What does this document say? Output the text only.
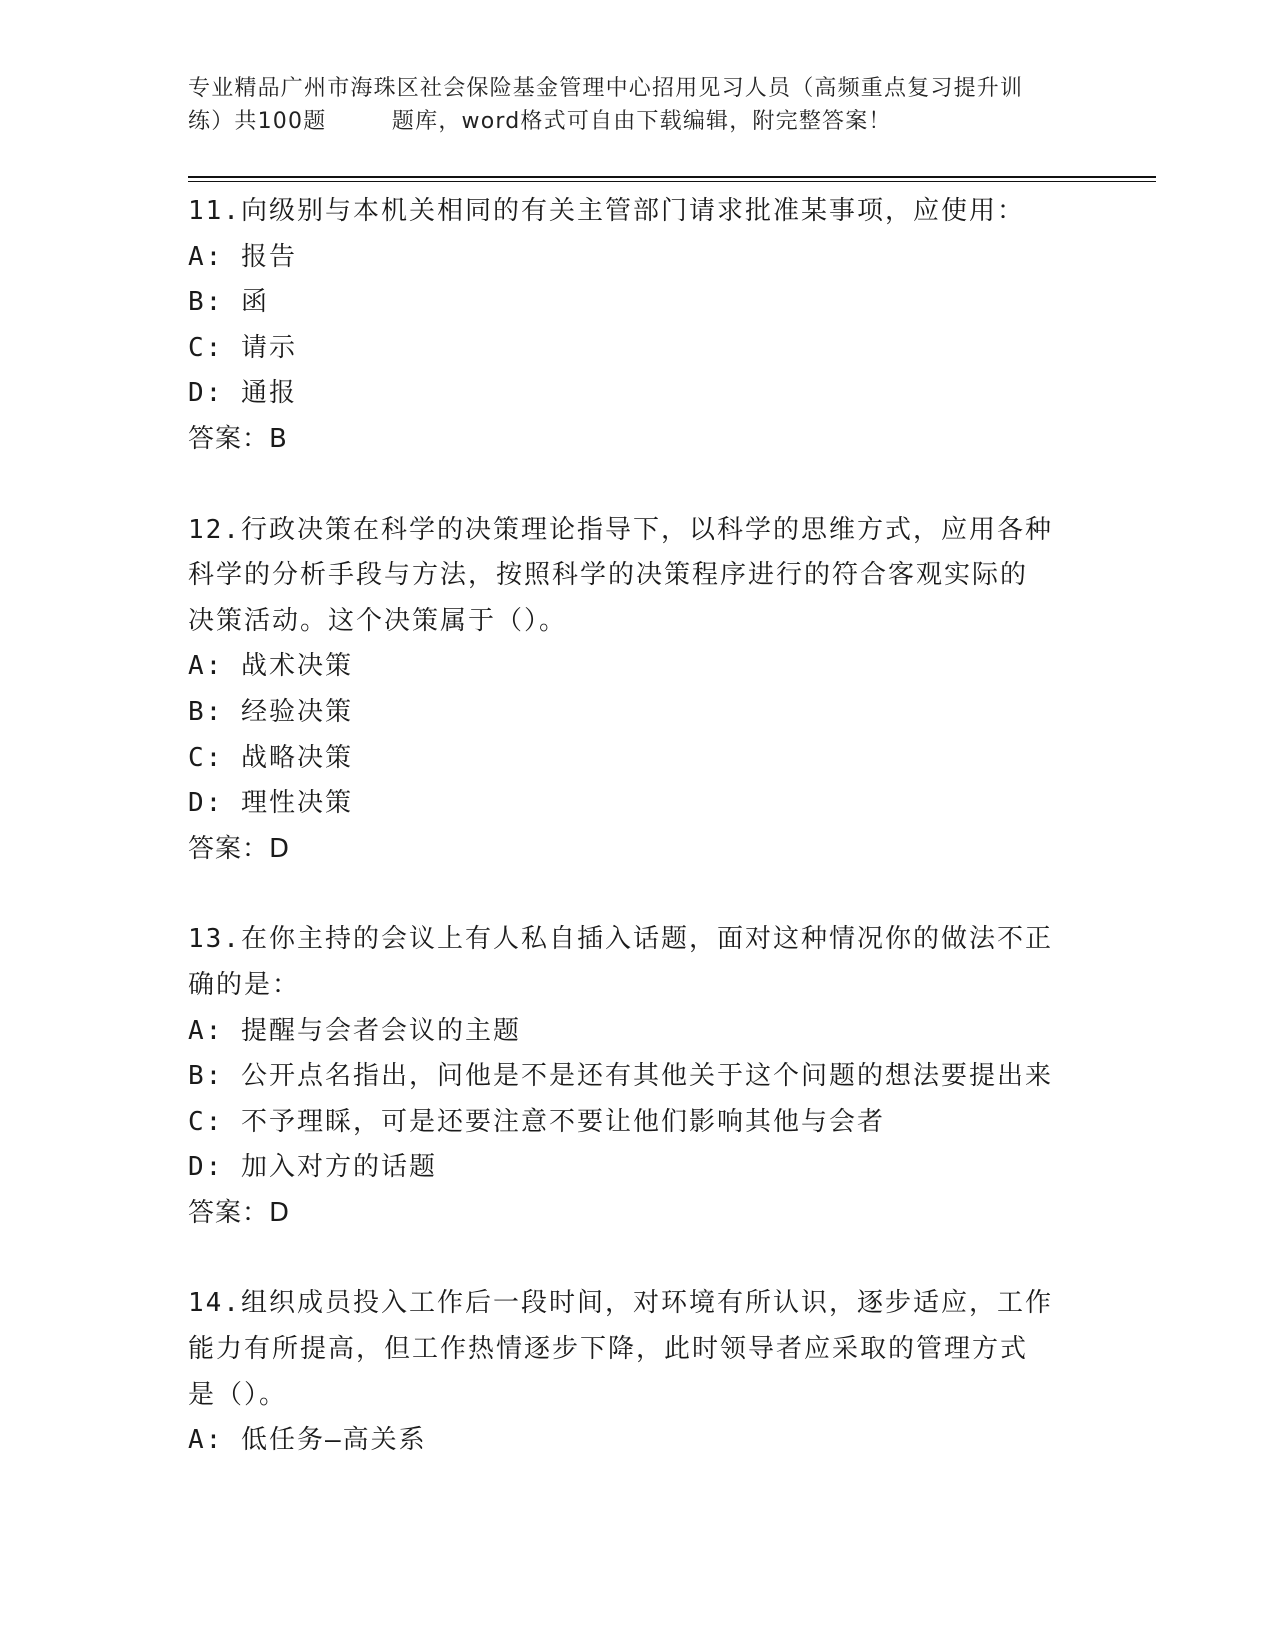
专业精品广州市海珠区社会保险基金管理中心招用见习人员（高频重点复习提升训
练）共100题        题库，word格式可自由下载编辑，附完整答案！
11.向级别与本机关相同的有关主管部门请求批准某事项，应使用：
A: 报告
B: 函
C: 请示
D: 通报
答案：B
12.行政决策在科学的决策理论指导下，以科学的思维方式，应用各种
科学的分析手段与方法，按照科学的决策程序进行的符合客观实际的
决策活动。这个决策属于（）。
A: 战术决策
B: 经验决策
C: 战略决策
D: 理性决策
答案：D
13.在你主持的会议上有人私自插入话题，面对这种情况你的做法不正
确的是：
A: 提醒与会者会议的主题
B: 公开点名指出，问他是不是还有其他关于这个问题的想法要提出来
C: 不予理睬，可是还要注意不要让他们影响其他与会者
D: 加入对方的话题
答案：D
14.组织成员投入工作后一段时间，对环境有所认识，逐步适应，工作
能力有所提高，但工作热情逐步下降，此时领导者应采取的管理方式
是（）。
A: 低任务—高关系
